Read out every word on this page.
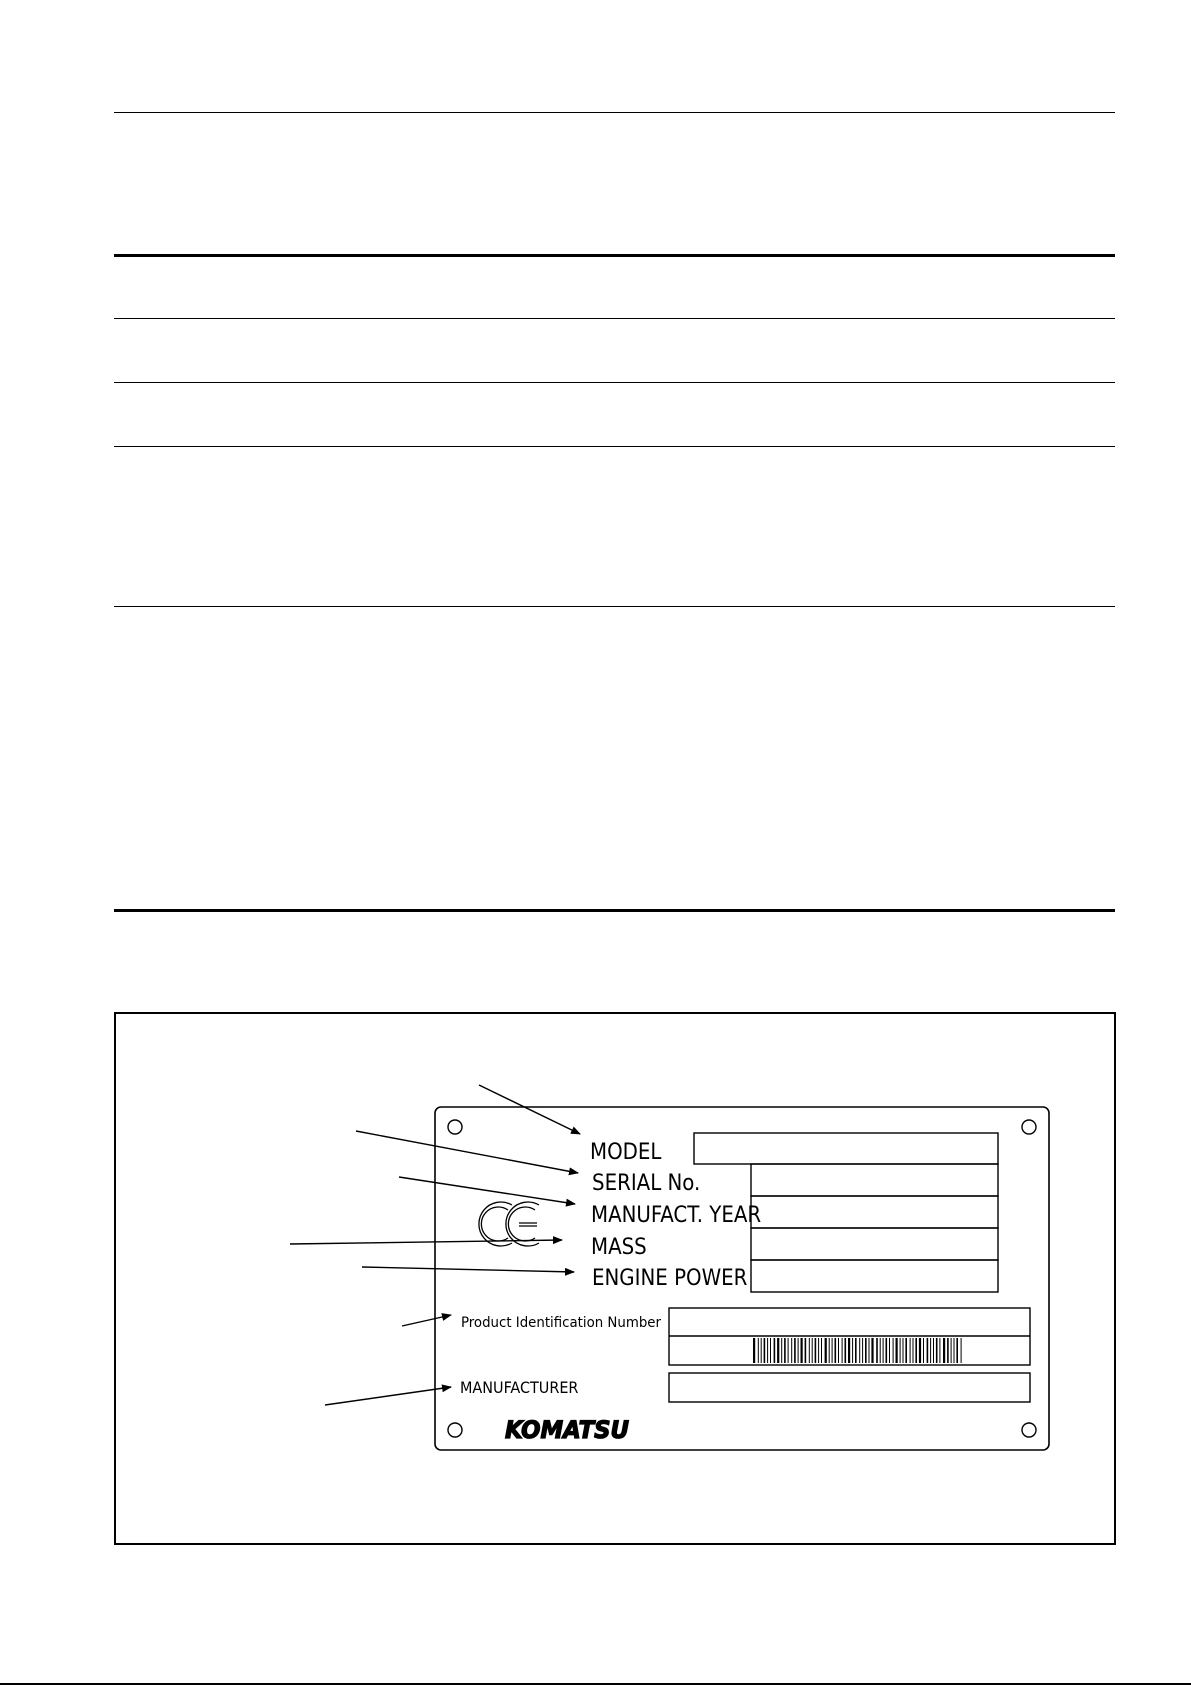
MODEL
SERIAL No.
MANUFACT. YEAR
MASS
ENGINE POWER
Product Identification Number
MANUFACTURER
KOMATSU
